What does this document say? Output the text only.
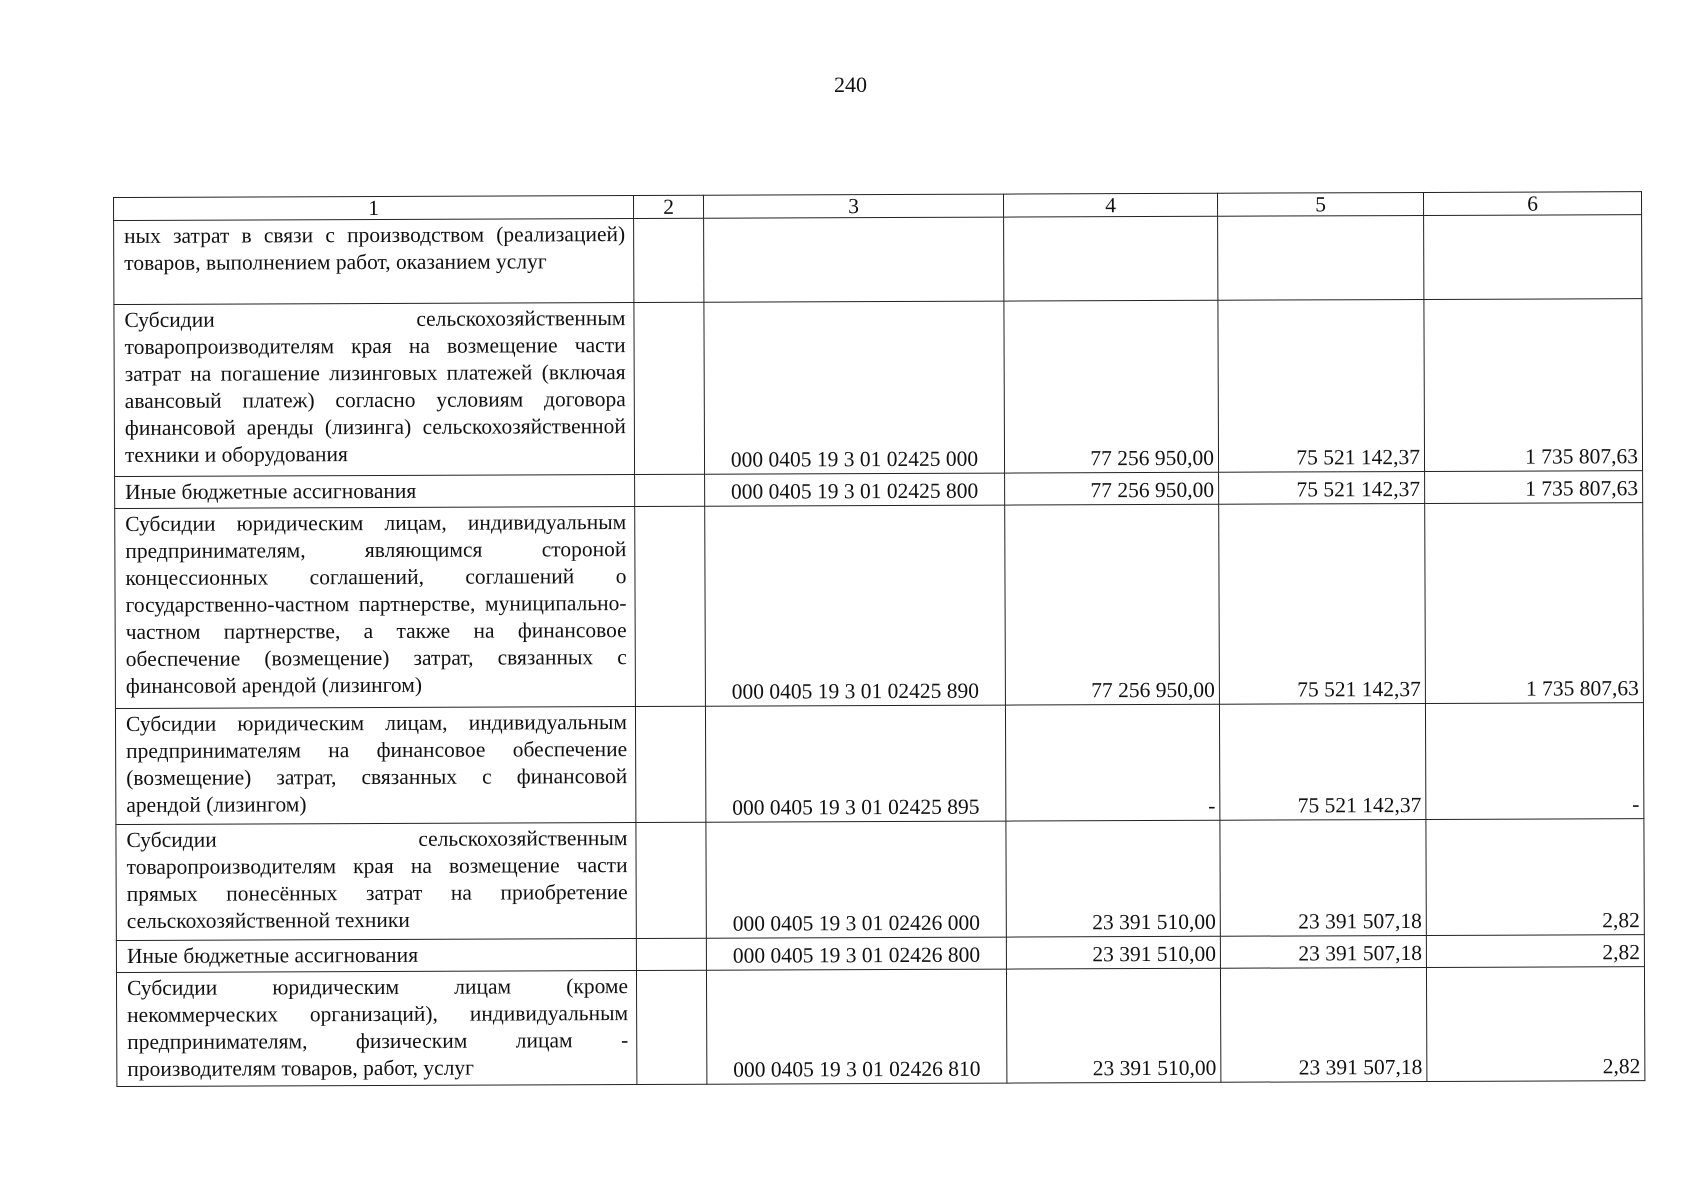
240
1	2	3	4	5	6
ных затрат в связи с производством (реализацией) товаров, выполнением работ, оказанием услуг					
Субсидии сельскохозяйственным товаропроизводителям края на возмещение части затрат на погашение лизинговых платежей (включая авансовый платеж) согласно условиям договора финансовой аренды (лизинга) сельскохозяйственной техники и оборудования		000 0405 19 3 01 02425 000	77 256 950,00	75 521 142,37	1 735 807,63
Иные бюджетные ассигнования		000 0405 19 3 01 02425 800	77 256 950,00	75 521 142,37	1 735 807,63
Субсидии юридическим лицам, индивидуальным предпринимателям, являющимся стороной концессионных соглашений, соглашений о государственно-частном партнерстве, муниципально-частном партнерстве, а также на финансовое обеспечение (возмещение) затрат, связанных с финансовой арендой (лизингом)		000 0405 19 3 01 02425 890	77 256 950,00	75 521 142,37	1 735 807,63
Субсидии юридическим лицам, индивидуальным предпринимателям на финансовое обеспечение (возмещение) затрат, связанных с финансовой арендой (лизингом)		000 0405 19 3 01 02425 895	-	75 521 142,37	-
Субсидии сельскохозяйственным товаропроизводителям края на возмещение части прямых понесённых затрат на приобретение сельскохозяйственной техники		000 0405 19 3 01 02426 000	23 391 510,00	23 391 507,18	2,82
Иные бюджетные ассигнования		000 0405 19 3 01 02426 800	23 391 510,00	23 391 507,18	2,82
Субсидии юридическим лицам (кроме некоммерческих организаций), индивидуальным предпринимателям, физическим лицам - производителям товаров, работ, услуг		000 0405 19 3 01 02426 810	23 391 510,00	23 391 507,18	2,82
